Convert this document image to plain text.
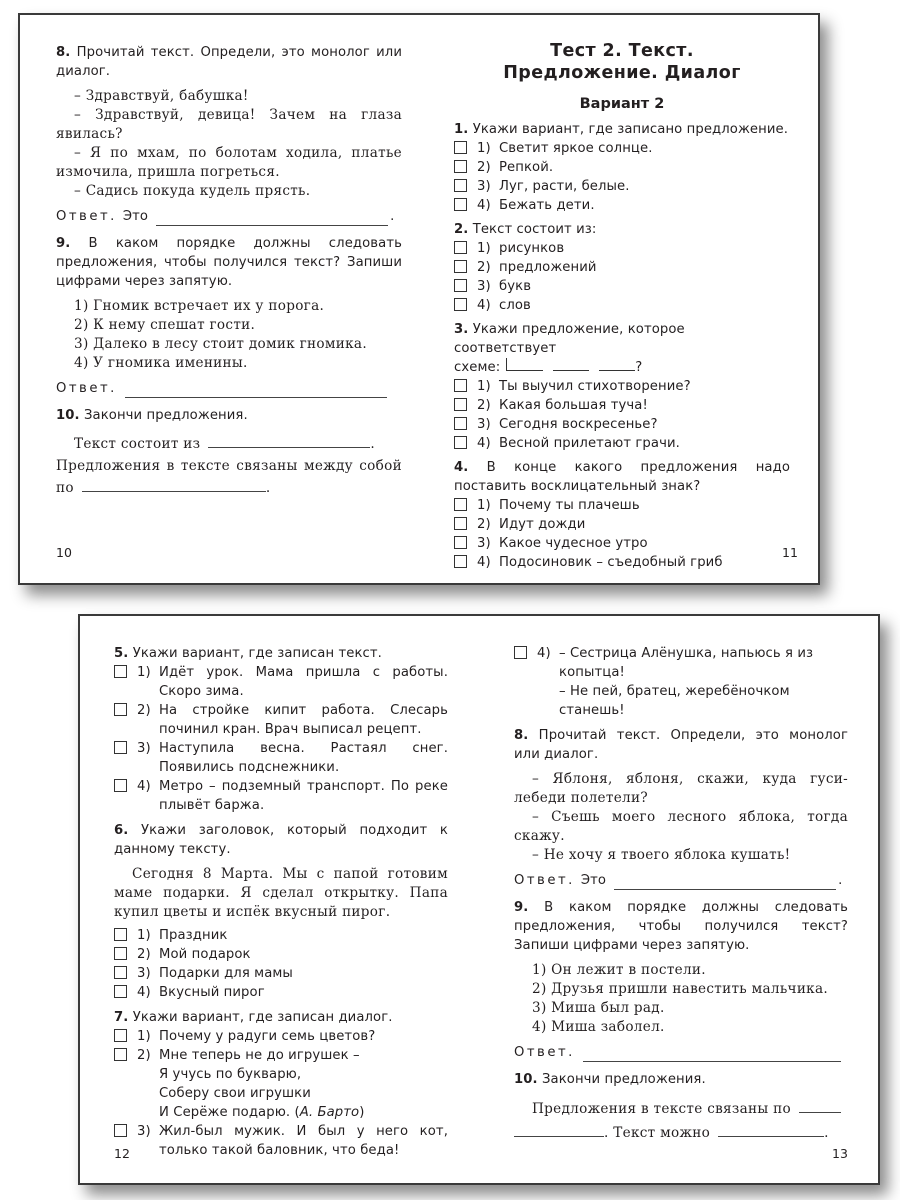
8. Прочитай текст. Определи, это монолог или диалог.

– Здравствуй, бабушка!

– Здравствуй, девица! Зачем на глаза явилась?

– Я по мхам, по болотам ходила, платье измочила, пришла погреться.

– Садись покуда кудель прясть.

Ответ. Это	.

9. В каком порядке должны следовать предложения, чтобы получился текст? Запиши цифрами через запятую.

1) Гномик встречает их у порога.

2) К нему спешат гости.

3) Далеко в лесу стоит домик гномика.

4) У гномика именины.

Ответ.

10. Закончи предложения.

Текст состоит из	.

Предложения в тексте связаны между собой по	.

10

Тест 2. Текст.

Предложение. Диалог

Вариант 2

1. Укажи вариант, где записано предложение.

1) Светит яркое солнце.
2) Репкой.
3) Луг, расти, белые.
4) Бежать дети.

2. Текст состоит из:

1) рисунков
2) предложений
3) букв
4) слов

3. Укажи предложение, которое соответствует

схеме:	?

1) Ты выучил стихотворение?
2) Какая большая туча!
3) Сегодня воскресенье?
4) Весной прилетают грачи.

4. В конце какого предложения надо поставить восклицательный знак?

1) Почему ты плачешь
2) Идут дожди
3) Какое чудесное утро
4) Подосиновик – съедобный гриб
11

5. Укажи вариант, где записан текст.

1) Идёт урок. Мама пришла с работы. Скоро зима.
2) На стройке кипит работа. Слесарь починил кран. Врач выписал рецепт.
3) Наступила весна. Растаял снег. Появились подснежники.
4) Метро – подземный транспорт. По реке плывёт баржа.

6. Укажи заголовок, который подходит к данному тексту.

Сегодня 8 Марта. Мы с папой готовим маме подарки. Я сделал открытку. Папа купил цветы и испёк вкусный пирог.

1) Праздник
2) Мой подарок
3) Подарки для мамы
4) Вкусный пирог

7. Укажи вариант, где записан диалог.

1) Почему у радуги семь цветов?
2) Мне теперь не до игрушек –
Я учусь по букварю,
Соберу свои игрушки
И Серёже подарю. (А. Барто)
3) Жил-был мужик. И был у него кот, только такой баловник, что беда!
12
4) – Сестрица Алёнушка, напьюсь я из копытца!
– Не пей, братец, жеребёночком станешь!

8. Прочитай текст. Определи, это монолог или диалог.

– Яблоня, яблоня, скажи, куда гуси-лебеди полетели?

– Съешь моего лесного яблока, тогда скажу.

– Не хочу я твоего яблока кушать!

Ответ. Это	.

9. В каком порядке должны следовать предложения, чтобы получился текст? Запиши цифрами через запятую.

1) Он лежит в постели.

2) Друзья пришли навестить мальчика.

3) Миша был рад.

4) Миша заболел.

Ответ.

10. Закончи предложения.

Предложения в тексте связаны по

. Текст можно	.

13
